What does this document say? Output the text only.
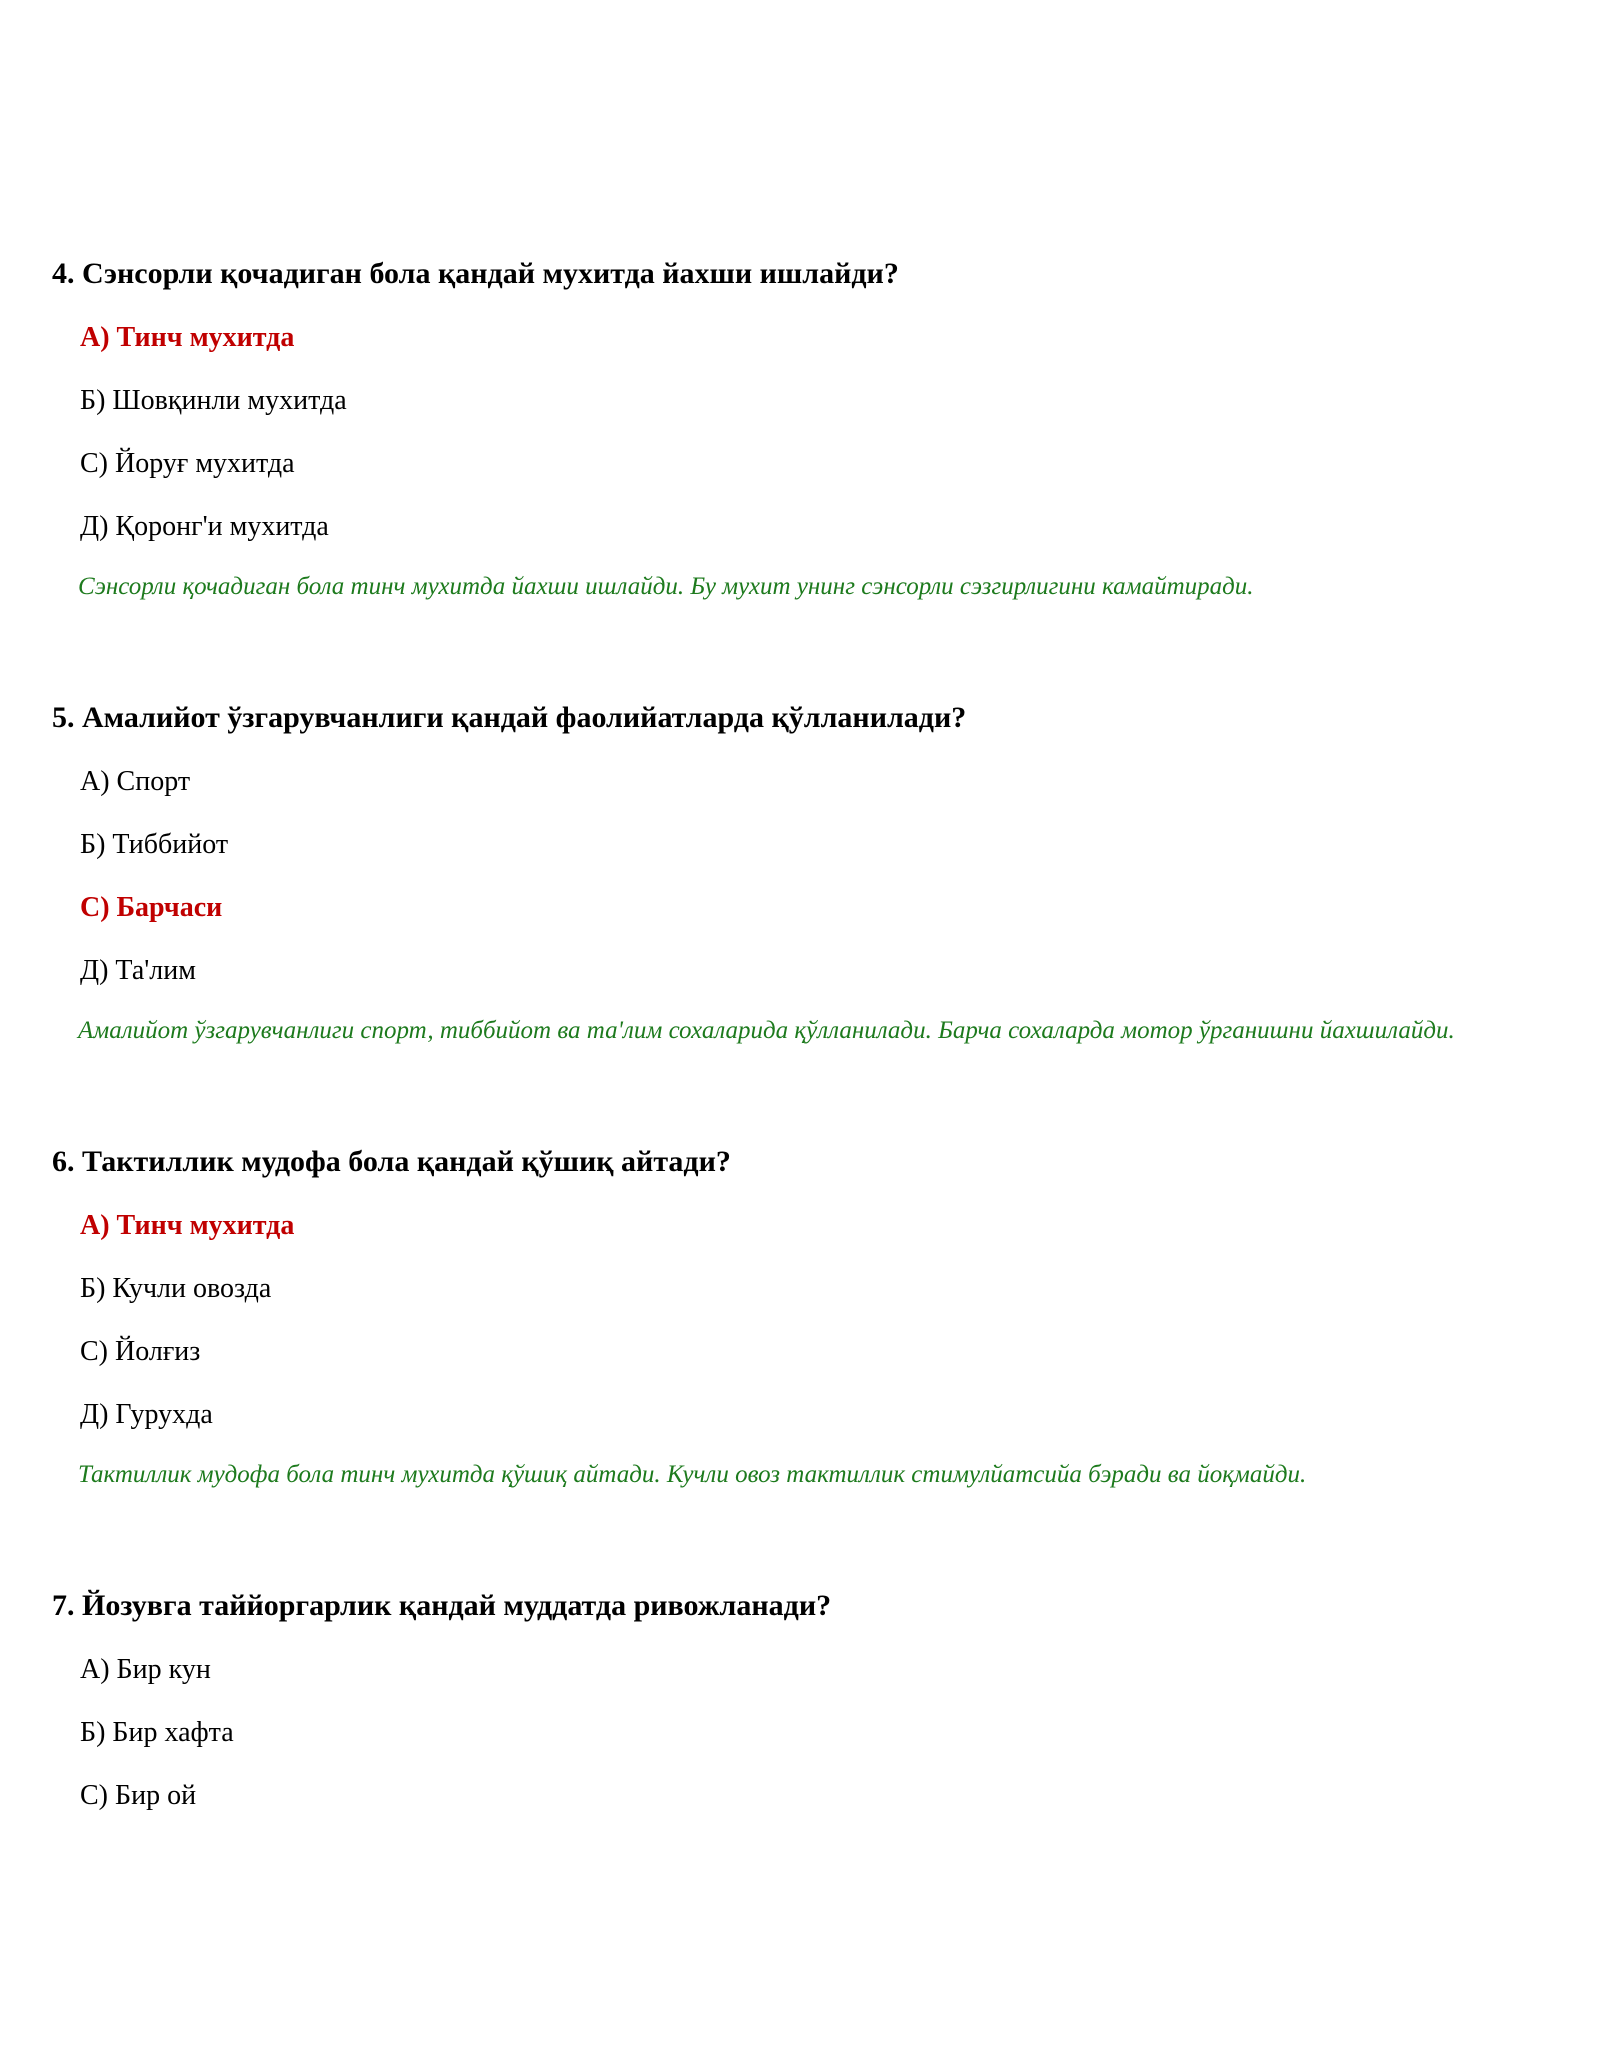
4. Сэнсорли қочадиган бола қандай мухитда йахши ишлайди?

A) Тинч мухитда

Б) Шовқинли мухитда

C) Йоруғ мухитда

Д) Қоронг'и мухитда

Сэнсорли қочадиган бола тинч мухитда йахши ишлайди. Бу мухит унинг сэнсорли сэзгирлигини камайтиради.

5. Амалийот ўзгарувчанлиги қандай фаолийатларда қўлланилади?

A) Спорт

Б) Тиббийот

C) Барчаси

Д) Та'лим

Амалийот ўзгарувчанлиги спорт, тиббийот ва та'лим сохаларида қўлланилади. Барча сохаларда мотор ўрганишни йахшилайди.

6. Тактиллик мудофа бола қандай қўшиқ айтади?

A) Тинч мухитда

Б) Кучли овозда

C) Йолғиз

Д) Гурухда

Тактиллик мудофа бола тинч мухитда қўшиқ айтади. Кучли овоз тактиллик стимулйатсийа бэради ва йоқмайди.

7. Йозувга таййоргарлик қандай муддатда ривожланади?

A) Бир кун

Б) Бир хафта

C) Бир ой
